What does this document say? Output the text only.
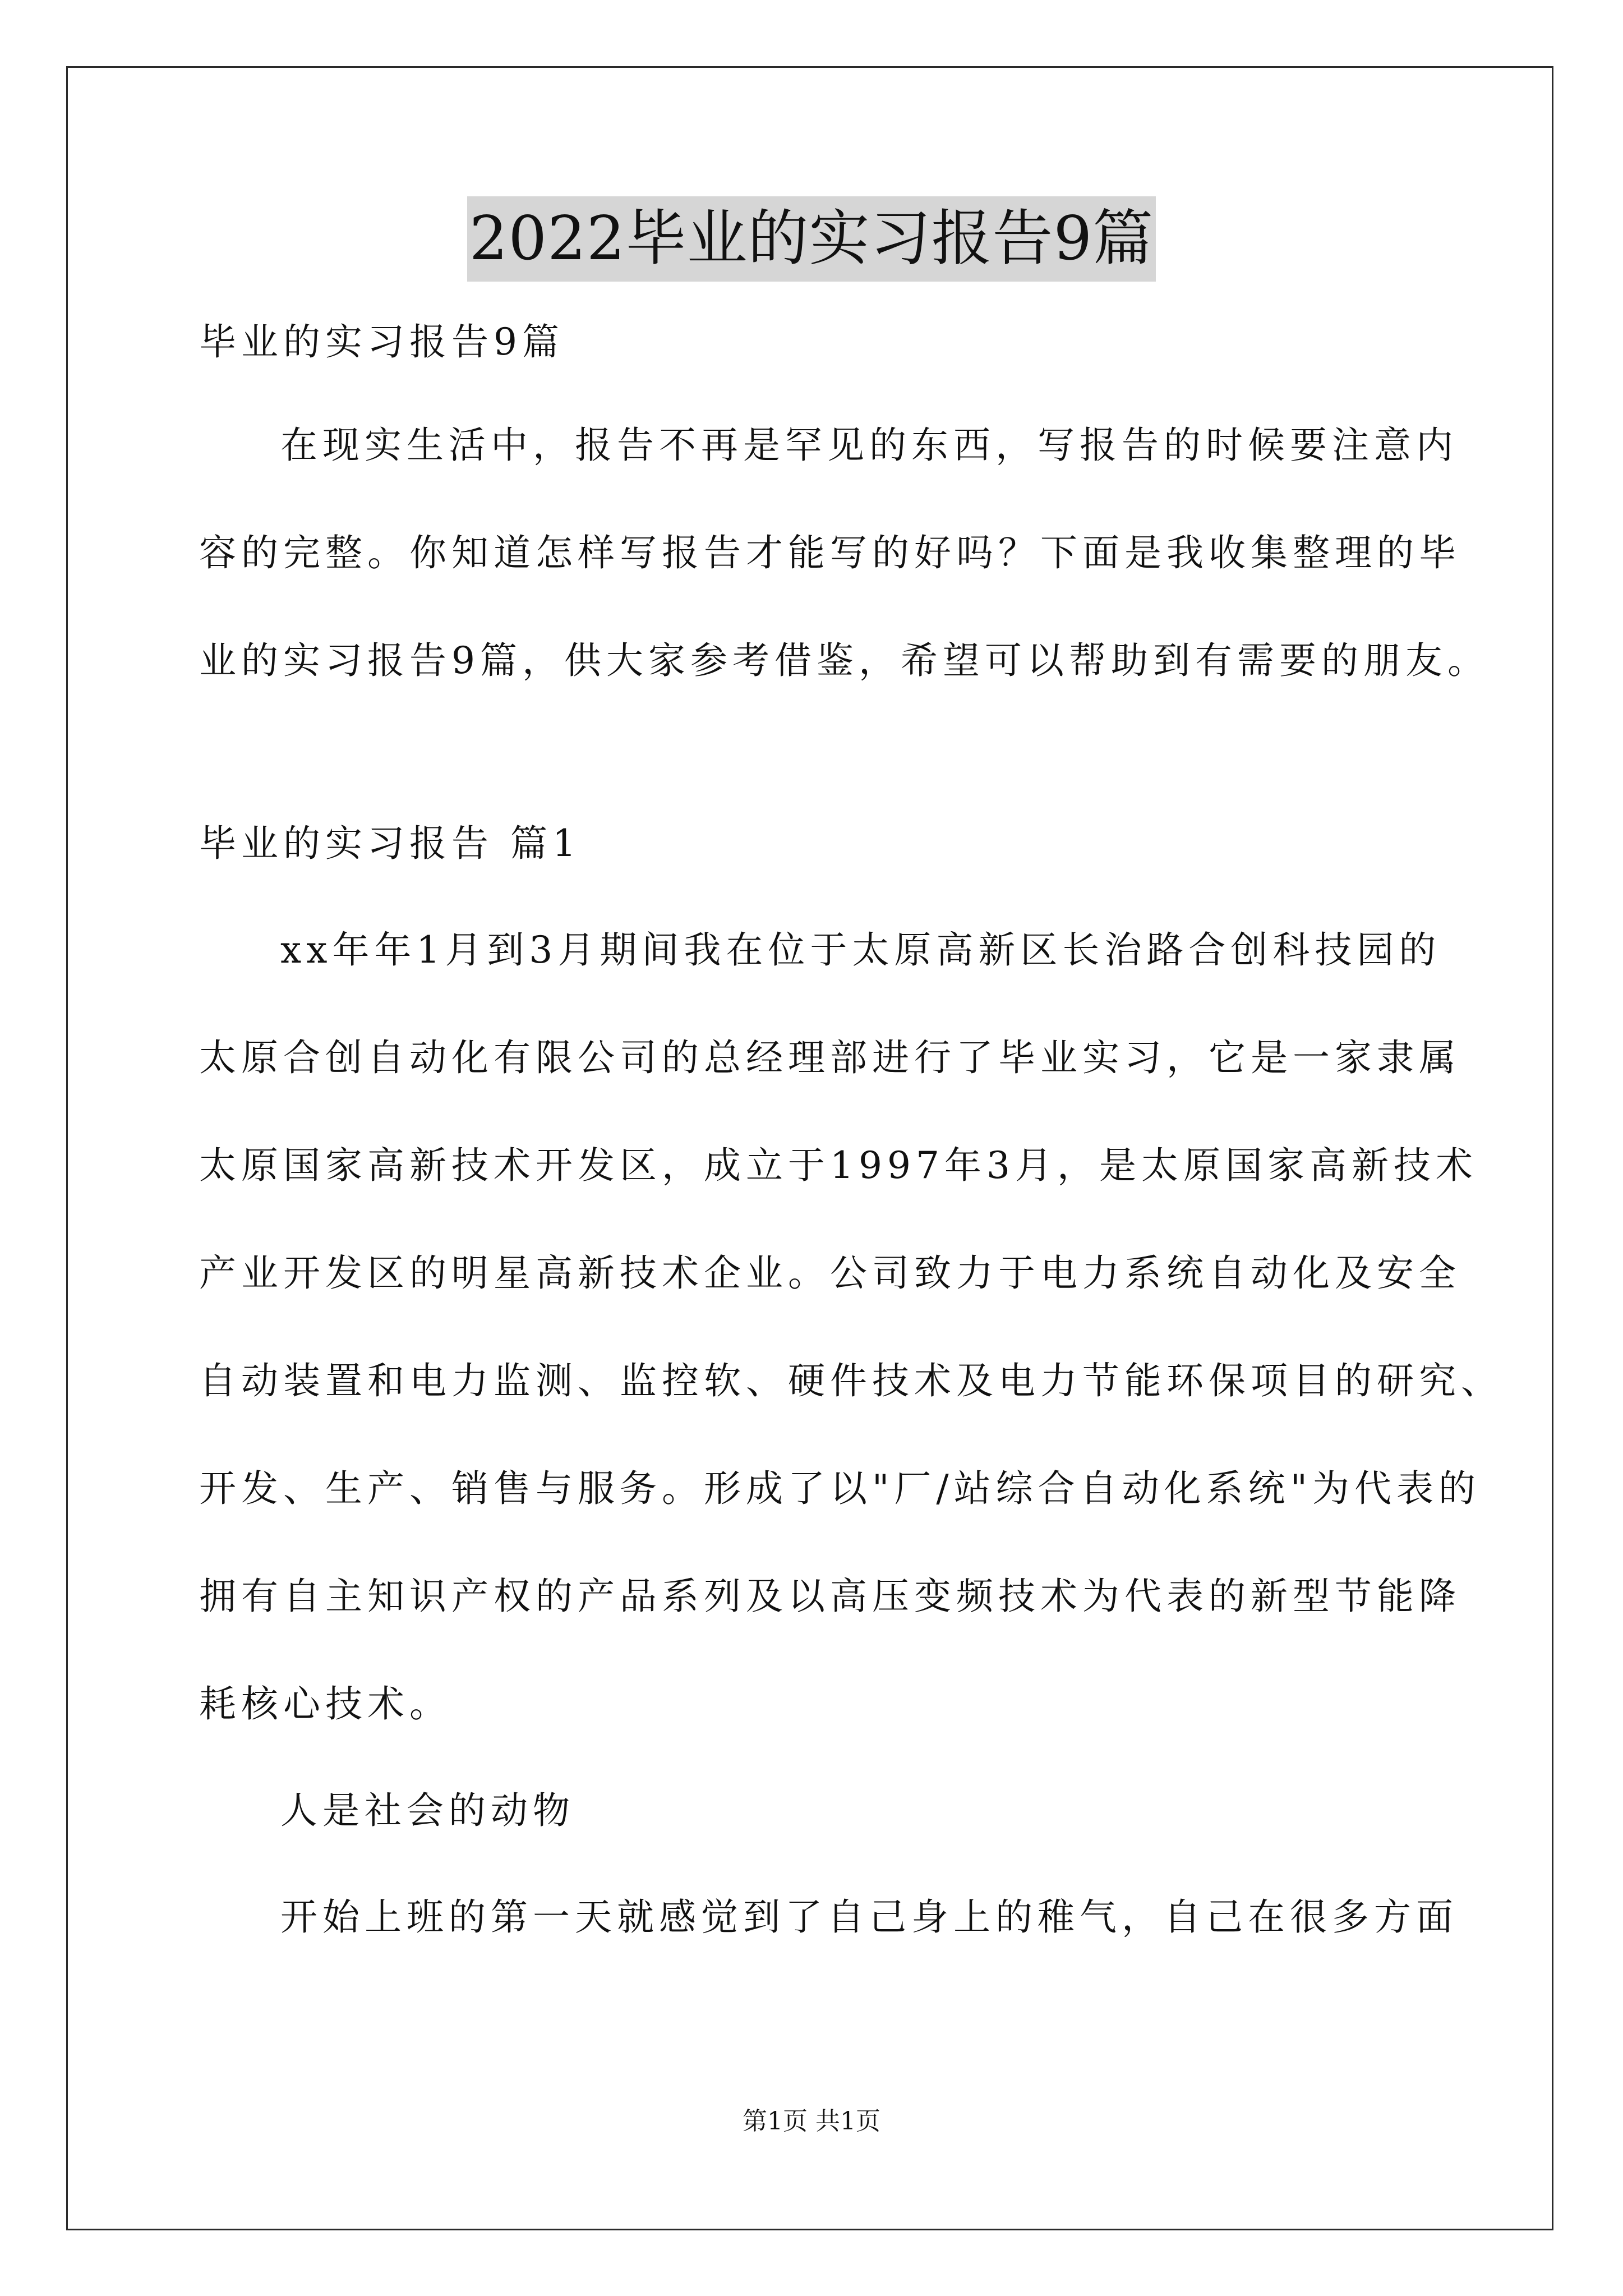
2022毕业的实习报告9篇
毕业的实习报告9篇
在现实生活中，报告不再是罕见的东西，写报告的时候要注意内
容的完整。你知道怎样写报告才能写的好吗？下面是我收集整理的毕
业的实习报告9篇，供大家参考借鉴，希望可以帮助到有需要的朋友。
毕业的实习报告 篇1
xx年年1月到3月期间我在位于太原高新区长治路合创科技园的
太原合创自动化有限公司的总经理部进行了毕业实习，它是一家隶属
太原国家高新技术开发区，成立于1997年3月，是太原国家高新技术
产业开发区的明星高新技术企业。公司致力于电力系统自动化及安全
自动装置和电力监测、监控软、硬件技术及电力节能环保项目的研究、
开发、生产、销售与服务。形成了以"厂/站综合自动化系统"为代表的
拥有自主知识产权的产品系列及以高压变频技术为代表的新型节能降
耗核心技术。
人是社会的动物
开始上班的第一天就感觉到了自己身上的稚气，自己在很多方面
第1页 共1页
